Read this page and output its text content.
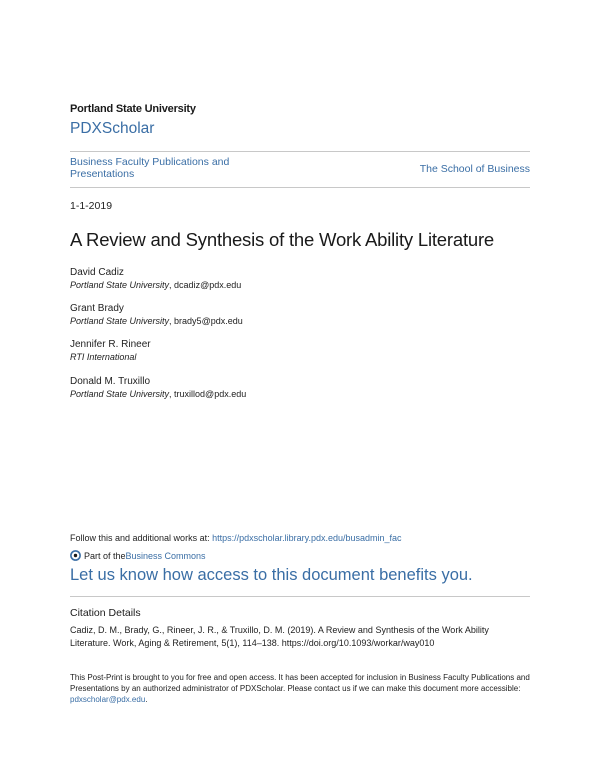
Portland State University
PDXScholar
Business Faculty Publications and Presentations	The School of Business
1-1-2019
A Review and Synthesis of the Work Ability Literature
David Cadiz
Portland State University, dcadiz@pdx.edu
Grant Brady
Portland State University, brady5@pdx.edu
Jennifer R. Rineer
RTI International
Donald M. Truxillo
Portland State University, truxillod@pdx.edu
Follow this and additional works at: https://pdxscholar.library.pdx.edu/busadmin_fac
Part of the Business Commons
Let us know how access to this document benefits you.
Citation Details
Cadiz, D. M., Brady, G., Rineer, J. R., & Truxillo, D. M. (2019). A Review and Synthesis of the Work Ability Literature. Work, Aging & Retirement, 5(1), 114–138. https://doi.org/10.1093/workar/way010
This Post-Print is brought to you for free and open access. It has been accepted for inclusion in Business Faculty Publications and Presentations by an authorized administrator of PDXScholar. Please contact us if we can make this document more accessible: pdxscholar@pdx.edu.
